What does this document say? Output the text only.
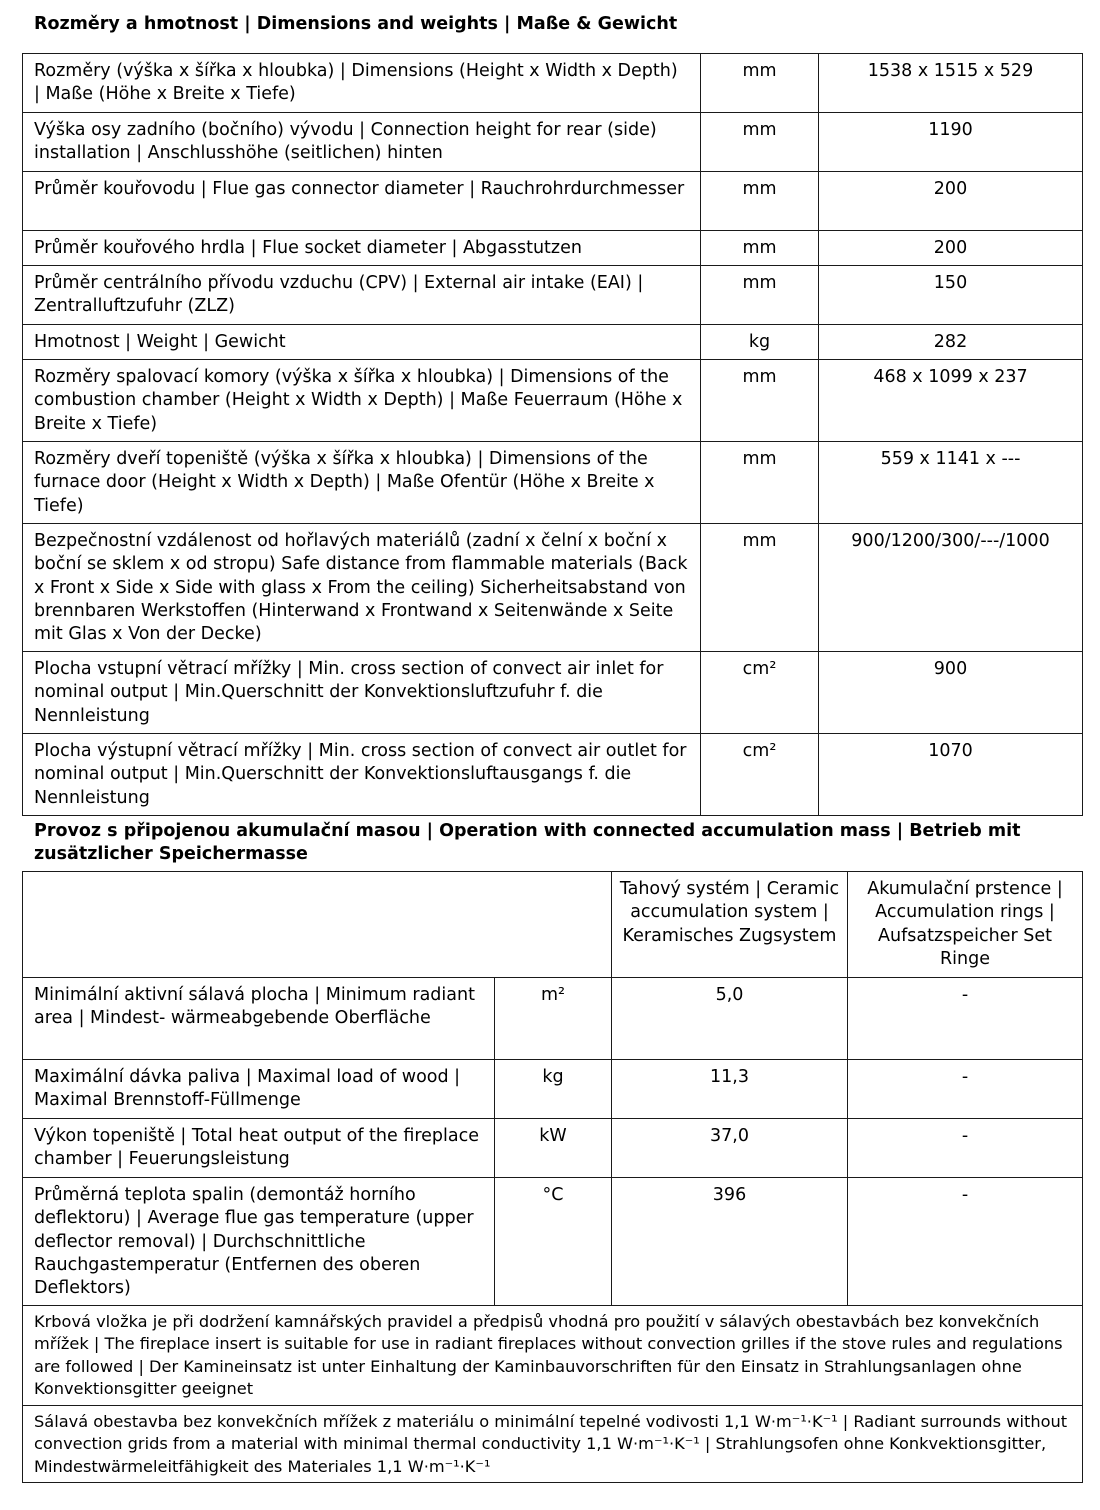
Rozměry a hmotnost | Dimensions and weights | Maße & Gewicht
Rozměry (výška x šířka x hloubka) | Dimensions (Height x Width x Depth) | Maße (Höhe x Breite x Tiefe)	mm	1538 x 1515 x 529
Výška osy zadního (bočního) vývodu | Connection height for rear (side) installation | Anschlusshöhe (seitlichen) hinten	mm	1190
Průměr kouřovodu | Flue gas connector diameter | Rauchrohrdurchmesser	mm	200
Průměr kouřového hrdla | Flue socket diameter | Abgasstutzen	mm	200
Průměr centrálního přívodu vzduchu (CPV) | External air intake (EAI) | Zentralluftzufuhr (ZLZ)	mm	150
Hmotnost | Weight | Gewicht	kg	282
Rozměry spalovací komory (výška x šířka x hloubka) | Dimensions of the combustion chamber (Height x Width x Depth) | Maße Feuerraum (Höhe x Breite x Tiefe)	mm	468 x 1099 x 237
Rozměry dveří topeniště (výška x šířka x hloubka) | Dimensions of the furnace door (Height x Width x Depth) | Maße Ofentür (Höhe x Breite x Tiefe)	mm	559 x 1141 x ---
Bezpečnostní vzdálenost od hořlavých materiálů (zadní x čelní x boční x boční se sklem x od stropu) Safe distance from flammable materials (Back x Front x Side x Side with glass x From the ceiling) Sicherheitsabstand von brennbaren Werkstoffen (Hinterwand x Frontwand x Seitenwände x Seite mit Glas x Von der Decke)	mm	900/1200/300/---/1000
Plocha vstupní větrací mřížky | Min. cross section of convect air inlet for nominal output | Min.Querschnitt der Konvektionsluftzufuhr f. die Nennleistung	cm²	900
Plocha výstupní větrací mřížky | Min. cross section of convect air outlet for nominal output | Min.Querschnitt der Konvektionsluftausgangs f. die Nennleistung	cm²	1070
Provoz s připojenou akumulační masou | Operation with connected accumulation mass | Betrieb mit zusätzlicher Speichermasse
		Tahový systém | Ceramic accumulation system | Keramisches Zugsystem	Akumulační prstence | Accumulation rings | Aufsatzspeicher Set Ringe
Minimální aktivní sálavá plocha | Minimum radiant area | Mindest- wärmeabgebende Oberfläche	m²	5,0	-
Maximální dávka paliva | Maximal load of wood | Maximal Brennstoff-Füllmenge	kg	11,3	-
Výkon topeniště | Total heat output of the fireplace chamber | Feuerungsleistung	kW	37,0	-
Průměrná teplota spalin (demontáž horního deflektoru) | Average flue gas temperature (upper deflector removal) | Durchschnittliche Rauchgastemperatur (Entfernen des oberen Deflektors)	°C	396	-
Krbová vložka je při dodržení kamnářských pravidel a předpisů vhodná pro použití v sálavých obestavbách bez konvekčních mřížek | The fireplace insert is suitable for use in radiant fireplaces without convection grilles if the stove rules and regulations are followed | Der Kamineinsatz ist unter Einhaltung der Kaminbauvorschriften für den Einsatz in Strahlungsanlagen ohne Konvektionsgitter geeignet			
Sálavá obestavba bez konvekčních mřížek z materiálu o minimální tepelné vodivosti 1,1 W·m⁻¹·K⁻¹ | Radiant surrounds without convection grids from a material with minimal thermal conductivity 1,1 W·m⁻¹·K⁻¹ | Strahlungsofen ohne Konkvektionsgitter, Mindestwärmeleitfähigkeit des Materiales 1,1 W·m⁻¹·K⁻¹			
